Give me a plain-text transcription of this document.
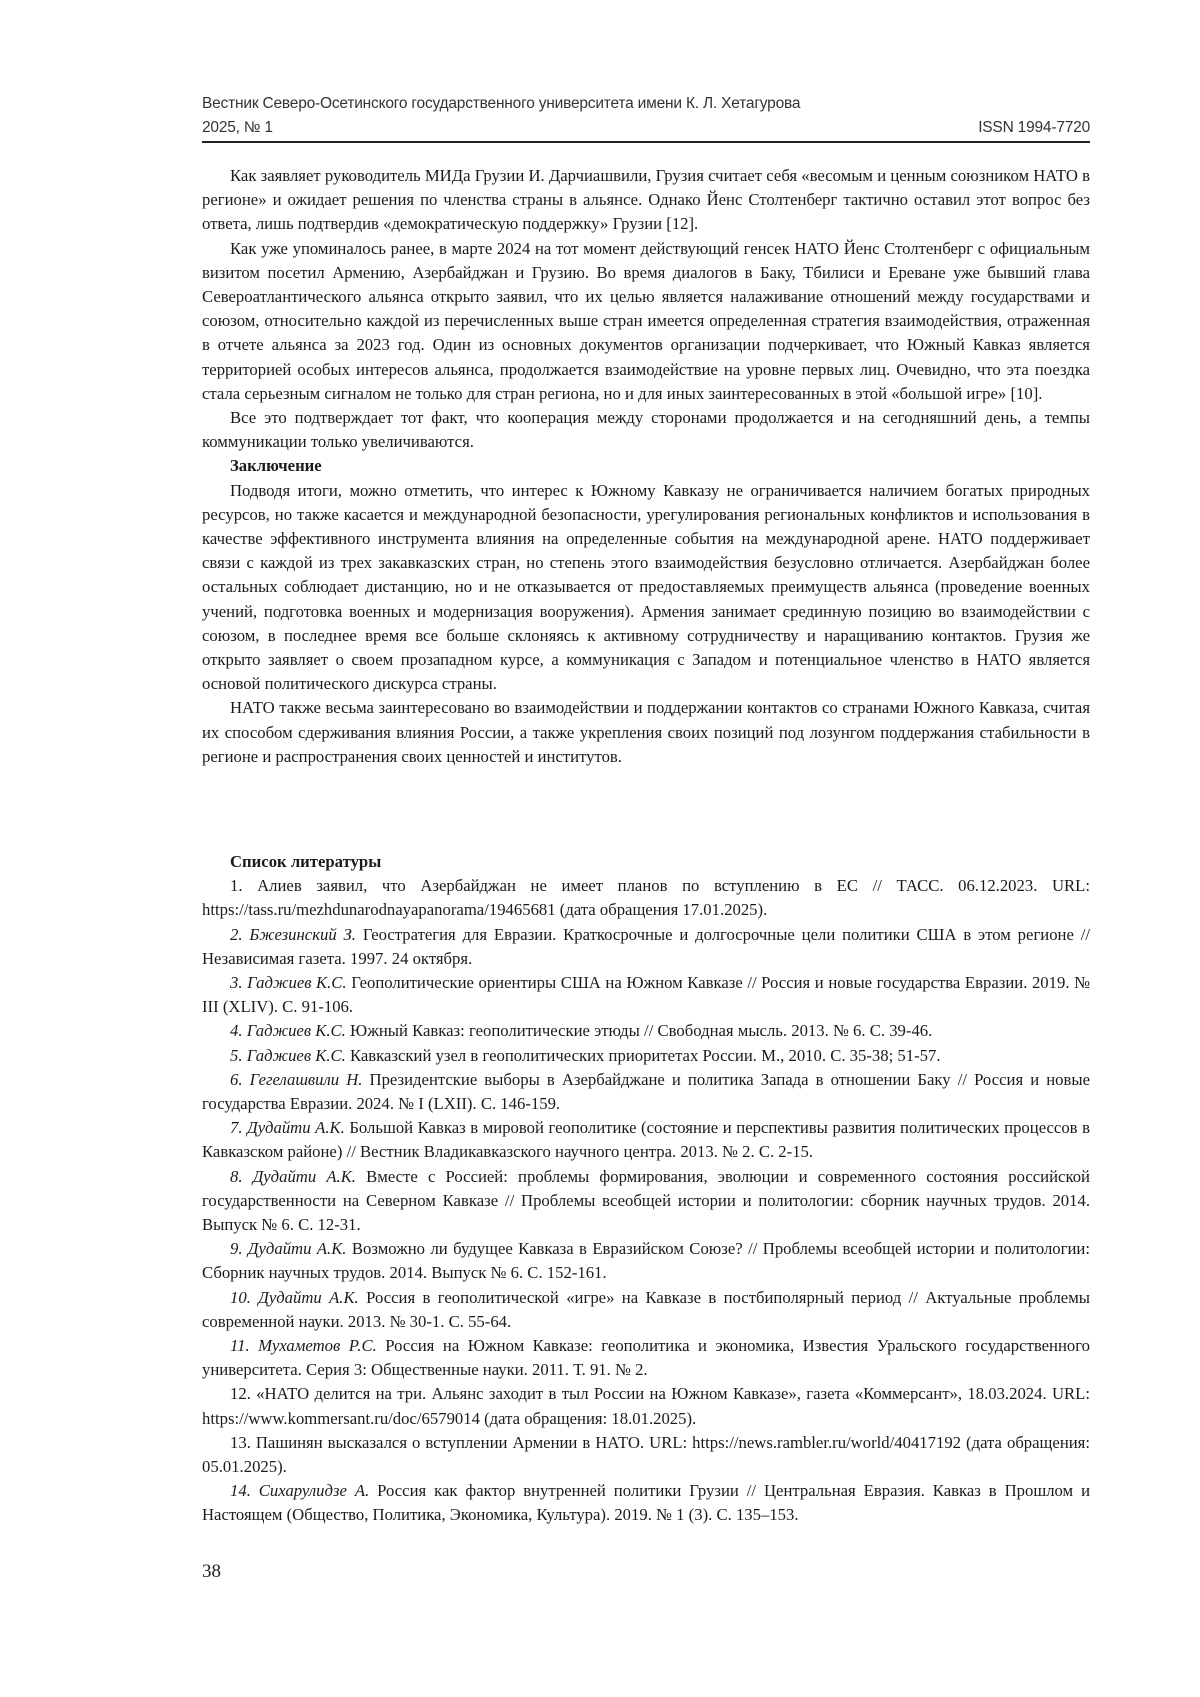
Вестник Северо-Осетинского государственного университета имени К. Л. Хетагурова
2025, № 1	ISSN 1994-7720

Как заявляет руководитель МИДа Грузии И. Дарчиашвили, Грузия считает себя «весомым и ценным союзником НАТО в регионе» и ожидает решения по членства страны в альянсе. Однако Йенс Столтенберг тактично оставил этот вопрос без ответа, лишь подтвердив «демократическую поддержку» Грузии [12].

Как уже упоминалось ранее, в марте 2024 на тот момент действующий генсек НАТО Йенс Столтенберг с официальным визитом посетил Армению, Азербайджан и Грузию. Во время диалогов в Баку, Тбилиси и Ереване уже бывший глава Североатлантического альянса открыто заявил, что их целью является налаживание отношений между государствами и союзом, относительно каждой из перечисленных выше стран имеется определенная стратегия взаимодействия, отраженная в отчете альянса за 2023 год. Один из основных документов организации подчеркивает, что Южный Кавказ является территорией особых интересов альянса, продолжается взаимодействие на уровне первых лиц. Очевидно, что эта поездка стала серьезным сигналом не только для стран региона, но и для иных заинтересованных в этой «большой игре» [10].

Все это подтверждает тот факт, что кооперация между сторонами продолжается и на сегодняшний день, а темпы коммуникации только увеличиваются.

Заключение

Подводя итоги, можно отметить, что интерес к Южному Кавказу не ограничивается наличием богатых природных ресурсов, но также касается и международной безопасности, урегулирования региональных конфликтов и использования в качестве эффективного инструмента влияния на определенные события на международной арене. НАТО поддерживает связи с каждой из трех закавказских стран, но степень этого взаимодействия безусловно отличается. Азербайджан более остальных соблюдает дистанцию, но и не отказывается от предоставляемых преимуществ альянса (проведение военных учений, подготовка военных и модернизация вооружения). Армения занимает срединную позицию во взаимодействии с союзом, в последнее время все больше склоняясь к активному сотрудничеству и наращиванию контактов. Грузия же открыто заявляет о своем прозападном курсе, а коммуникация с Западом и потенциальное членство в НАТО является основой политического дискурса страны.

НАТО также весьма заинтересовано во взаимодействии и поддержании контактов со странами Южного Кавказа, считая их способом сдерживания влияния России, а также укрепления своих позиций под лозунгом поддержания стабильности в регионе и распространения своих ценностей и институтов.

Список литературы

1. Алиев заявил, что Азербайджан не имеет планов по вступлению в ЕС // ТАСС. 06.12.2023. URL: https://tass.ru/mezhdunarodnayapanorama/19465681 (дата обращения 17.01.2025).

2. Бжезинский З. Геостратегия для Евразии. Краткосрочные и долгосрочные цели политики США в этом регионе // Независимая газета. 1997. 24 октября.

3. Гаджиев К.С. Геополитические ориентиры США на Южном Кавказе // Россия и новые государства Евразии. 2019. № III (XLIV). С. 91-106.

4. Гаджиев К.С. Южный Кавказ: геополитические этюды // Свободная мысль. 2013. № 6. С. 39-46.

5. Гаджиев К.С. Кавказский узел в геополитических приоритетах России. М., 2010. С. 35-38; 51-57.

6. Гегелашвили Н. Президентские выборы в Азербайджане и политика Запада в отношении Баку // Россия и новые государства Евразии. 2024. № I (LXII). С. 146-159.

7. Дудайти А.К. Большой Кавказ в мировой геополитике (состояние и перспективы развития политических процессов в Кавказском районе) // Вестник Владикавказского научного центра. 2013. № 2. С. 2-15.

8. Дудайти А.К. Вместе с Россией: проблемы формирования, эволюции и современного состояния российской государственности на Северном Кавказе // Проблемы всеобщей истории и политологии: сборник научных трудов. 2014. Выпуск № 6. С. 12-31.

9. Дудайти А.К. Возможно ли будущее Кавказа в Евразийском Союзе? // Проблемы всеобщей истории и политологии: Сборник научных трудов. 2014. Выпуск № 6. С. 152-161.

10. Дудайти А.К. Россия в геополитической «игре» на Кавказе в постбиполярный период // Актуальные проблемы современной науки. 2013. № 30-1. С. 55-64.

11. Мухаметов Р.С. Россия на Южном Кавказе: геополитика и экономика, Известия Уральского государственного университета. Серия 3: Общественные науки. 2011. Т. 91. № 2.

12. «НАТО делится на три. Альянс заходит в тыл России на Южном Кавказе», газета «Коммерсант», 18.03.2024. URL: https://www.kommersant.ru/doc/6579014 (дата обращения: 18.01.2025).

13. Пашинян высказался о вступлении Армении в НАТО. URL: https://news.rambler.ru/world/40417192 (дата обращения: 05.01.2025).

14. Сихарулидзе А. Россия как фактор внутренней политики Грузии // Центральная Евразия. Кавказ в Прошлом и Настоящем (Общество, Политика, Экономика, Культура). 2019. № 1 (3). С. 135–153.

38
